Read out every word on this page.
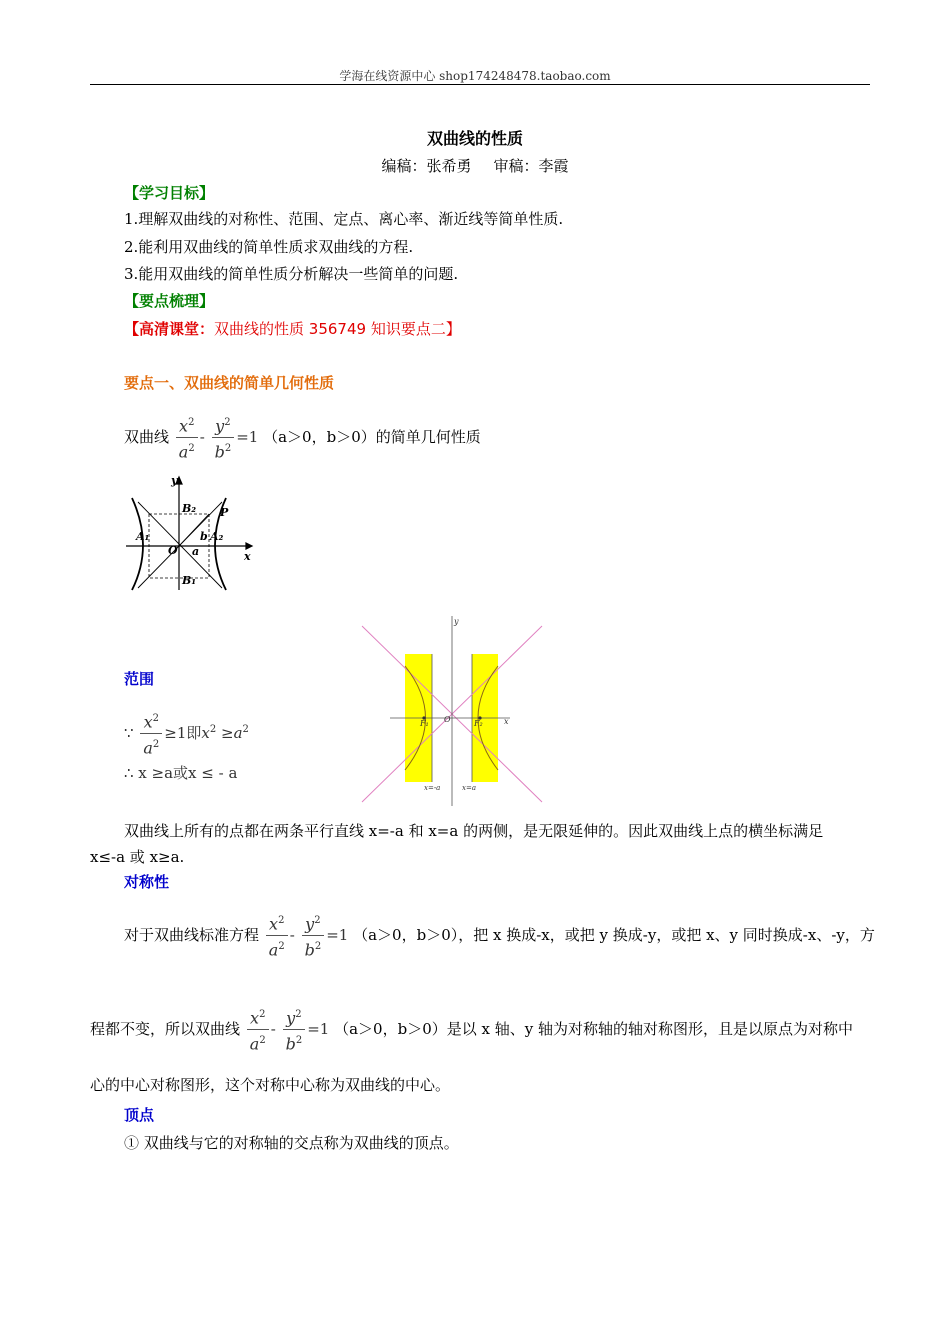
学海在线资源中心 shop174248478.taobao.com
双曲线的性质
编稿：张希勇 审稿：李霞
【学习目标】
1.理解双曲线的对称性、范围、定点、离心率、渐近线等简单性质.
2.能利用双曲线的简单性质求双曲线的方程.
3.能用双曲线的简单性质分析解决一些简单的问题.
【要点梳理】
【高清课堂：双曲线的性质 356749 知识要点二】
要点一、双曲线的简单几何性质
双曲线 $\frac{x^2}{a^2} - \frac{y^2}{b^2} =1$ （a＞0，b＞0）的简单几何性质
y
x
B₂
B₁
P
A₁	A₂
O a
b
y
x
O
F₁	F₂
x=-a	x=a
范围
∵ $\frac{x^2}{a^2} \ge 1$即$x^2 \ge a^2$
∴ x ≥a或x ≤ - a
双曲线上所有的点都在两条平行直线 x=-a 和 x=a 的两侧，是无限延伸的。因此双曲线上点的横坐标满足
x≤-a 或 x≥a.
对称性
对于双曲线标准方程 $\frac{x^2}{a^2} - \frac{y^2}{b^2} =1$ （a＞0，b＞0），把 x 换成-x，或把 y 换成-y，或把 x、y 同时换成-x、-y，方
程都不变，所以双曲线 $\frac{x^2}{a^2} - \frac{y^2}{b^2} =1$ （a＞0，b＞0）是以 x 轴、y 轴为对称轴的轴对称图形，且是以原点为对称中
心的中心对称图形，这个对称中心称为双曲线的中心。
顶点
① 双曲线与它的对称轴的交点称为双曲线的顶点。
